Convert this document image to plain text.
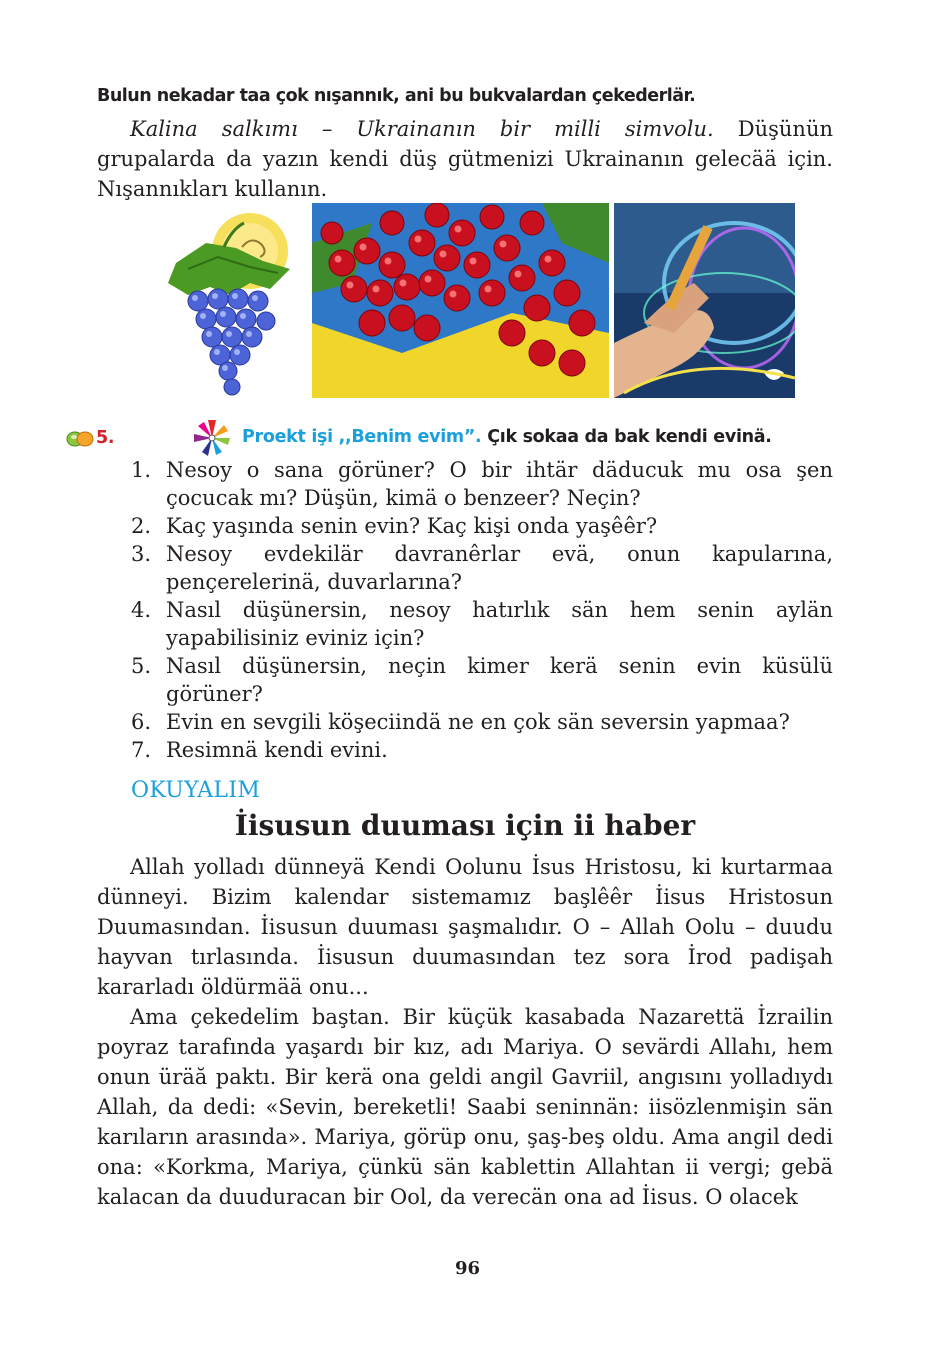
Bulun nekadar taa çok nışannık, ani bu bukvalardan çekederlär.

Kalina salkımı – Ukrainanın bir milli simvolu. Düşünün grupalarda da yazın kendi düş gütmenizi Ukrainanın gelecää için. Nışannıkları kullanın.

5.	Proekt işi ,,Benim evim”. Çık sokaa da bak kendi evinä.
1. Nesoy o sana görüner? O bir ihtär däducuk mu osa şen çocucak mı? Düşün, kimä o benzeer? Neçin?
2. Kaç yaşında senin evin? Kaç kişi onda yaşêêr?
3. Nesoy evdekilär davranêrlar evä, onun kapularına, pençerelerinä, duvarlarına?
4. Nasıl düşünersin, nesoy hatırlık sän hem senin aylän yapabilisiniz eviniz için?
5. Nasıl düşünersin, neçin kimer kerä senin evin küsülü görüner?
6. Evin en sevgili köşeciindä ne en çok sän seversin yapmaa?
7. Resimnä kendi evini.
OKUYALIM
İisusun duuması için ii haber

Allah yolladı dünneyä Kendi Oolunu İsus Hristosu, ki kurtarmaa dünneyi. Bizim kalendar sistemamız başlêêr İisus Hristosun Duumasından. İisusun duuması şaşmalıdır. O – Allah Oolu – duudu hayvan tırlasında. İisusun duumasından tez sora İrod padişah kararladı öldürmää onu...

Ama çekedelim baştan. Bir küçük kasabada Nazarettä İzrailin poyraz tarafında yaşardı bir kız, adı Mariya. O sevärdi Allahı, hem onun üräă paktı. Bir kerä ona geldi angil Gavriil, angısını yolladıydı Allah, da dedi: «Sevin, bereketli! Saabi seninnän: iisözlenmişin sän karıların arasında». Mariya, görüp onu, şaş-beş oldu. Ama angil dedi ona: «Korkma, Mariya, çünkü sän kablettin Allahtan ii vergi; gebä kalacan da duuduracan bir Ool, da verecän ona ad İisus. O olacek

96
